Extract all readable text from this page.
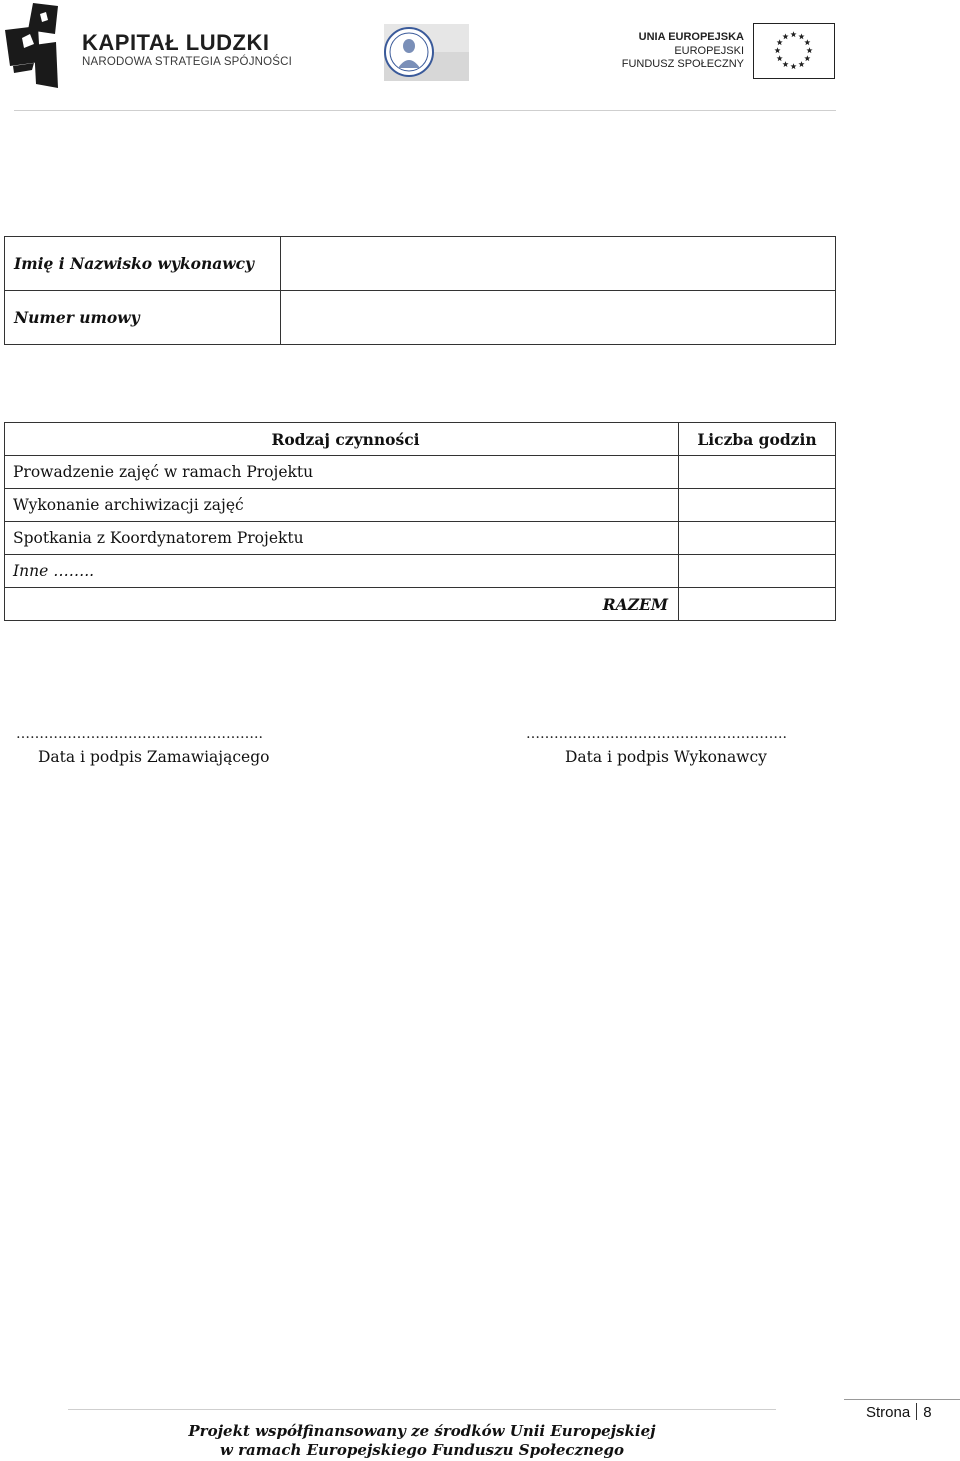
KAPITAŁ LUDZKI
NARODOWA STRATEGIA SPÓJNOŚCI
UNIA EUROPEJSKA
EUROPEJSKI
FUNDUSZ SPOŁECZNY
Imię i Nazwisko wykonawcy	
Numer umowy	
Rodzaj czynności	Liczba godzin
Prowadzenie zajęć w ramach Projektu	
Wykonanie archiwizacji zajęć	
Spotkania z Koordynatorem Projektu	
Inne ……..	
RAZEM	
……………………………………………..
Data i podpis Zamawiającego
………………………………………………..
Data i podpis Wykonawcy
Strona 8
Projekt współfinansowany ze środków Unii Europejskiej
w ramach Europejskiego Funduszu Społecznego
